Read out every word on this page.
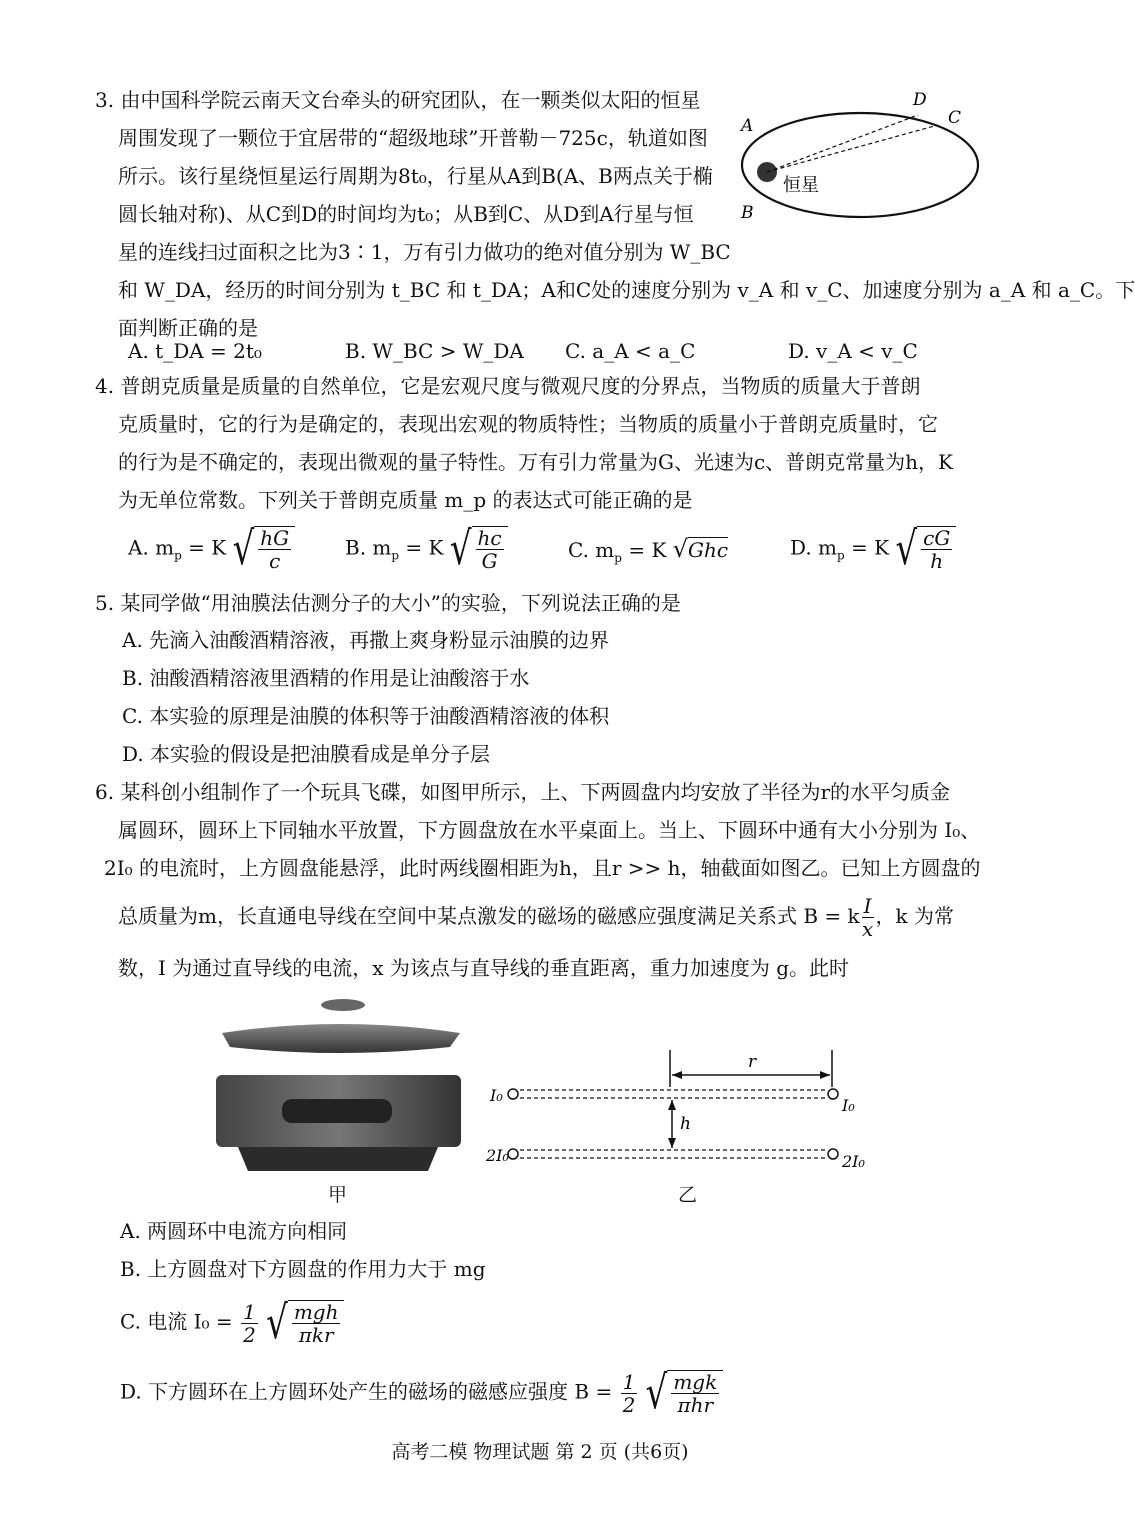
3. 由中国科学院云南天文台牵头的研究团队，在一颗类似太阳的恒星
周围发现了一颗位于宜居带的“超级地球”开普勒－725c，轨道如图
所示。该行星绕恒星运行周期为8t₀，行星从A到B(A、B两点关于椭
圆长轴对称)、从C到D的时间均为t₀；从B到C、从D到A行星与恒
星的连线扫过面积之比为3∶1，万有引力做功的绝对值分别为 W_BC
和 W_DA，经历的时间分别为 t_BC 和 t_DA；A和C处的速度分别为 v_A 和 v_C、加速度分别为 a_A 和 a_C。下
面判断正确的是
A. t_DA = 2t₀	B. W_BC > W_DA C. a_A < a_C	D. v_A < v_C
A
B
C
D
恒星
4. 普朗克质量是质量的自然单位，它是宏观尺度与微观尺度的分界点，当物质的质量大于普朗
克质量时，它的行为是确定的，表现出宏观的物质特性；当物质的质量小于普朗克质量时，它
的行为是不确定的，表现出微观的量子特性。万有引力常量为G、光速为c、普朗克常量为h，K
为无单位常数。下列关于普朗克质量 m_p 的表达式可能正确的是
A. $m_p = K$ √ $\frac{hG}{c}$	B. $m_p = K$ √ $\frac{hc}{G}$	C. $m_p = K$ √Ghc	D. $m_p = K$ √ $\frac{cG}{h}$
5. 某同学做“用油膜法估测分子的大小”的实验，下列说法正确的是
A. 先滴入油酸酒精溶液，再撒上爽身粉显示油膜的边界
B. 油酸酒精溶液里酒精的作用是让油酸溶于水
C. 本实验的原理是油膜的体积等于油酸酒精溶液的体积
D. 本实验的假设是把油膜看成是单分子层
6. 某科创小组制作了一个玩具飞碟，如图甲所示，上、下两圆盘内均安放了半径为r的水平匀质金
属圆环，圆环上下同轴水平放置，下方圆盘放在水平桌面上。当上、下圆环中通有大小分别为 I₀、
2I₀ 的电流时，上方圆盘能悬浮，此时两线圈相距为h，且r >> h，轴截面如图乙。已知上方圆盘的
总质量为m，长直通电导线在空间中某点激发的磁场的磁感应强度满足关系式 B = k $\frac{I}{x}$ ，k 为常
数，I 为通过直导线的电流，x 为该点与直导线的垂直距离，重力加速度为 g。此时
甲
r
h
I₀
I₀
2I₀	2I₀
乙
A. 两圆环中电流方向相同
B. 上方圆盘对下方圆盘的作用力大于 mg
C. 电流 $I_0 = \frac{1}{2}$ √ $\frac{\text{mgh}}{\text{πkr}}$
D. 下方圆环在上方圆环处产生的磁场的磁感应强度 $B = \frac{1}{2}$ √ $\frac{\text{mgk}}{\text{πhr}}$
高考二模 物理试题 第 2 页 (共6页)
